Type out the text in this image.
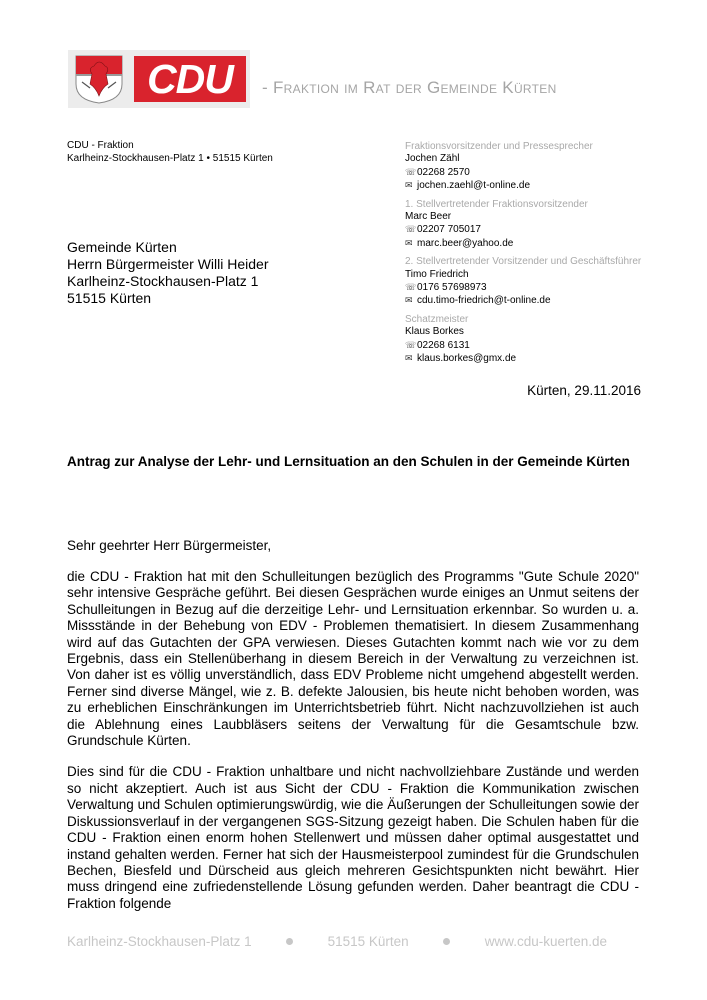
CDU	- Fraktion im Rat der Gemeinde Kürten
CDU - Fraktion
Karlheinz-Stockhausen-Platz 1 • 51515 Kürten
Fraktionsvorsitzender und Pressesprecher
Jochen Zähl
☏02268 2570
✉ jochen.zaehl@t-online.de
1. Stellvertretender Fraktionsvorsitzender
Marc Beer
☏02207 705017
✉ marc.beer@yahoo.de
2. Stellvertretender Vorsitzender und Geschäftsführer
Timo Friedrich
☏0176 57698973
✉ cdu.timo-friedrich@t-online.de
Schatzmeister
Klaus Borkes
☏02268 6131
✉ klaus.borkes@gmx.de
Gemeinde Kürten
Herrn Bürgermeister Willi Heider
Karlheinz-Stockhausen-Platz 1
51515 Kürten
Kürten, 29.11.2016
Antrag zur Analyse der Lehr- und Lernsituation an den Schulen in der Gemeinde Kürten
Sehr geehrter Herr Bürgermeister,

die CDU - Fraktion hat mit den Schulleitungen bezüglich des Programms "Gute Schule 2020" sehr intensive Gespräche geführt. Bei diesen Gesprächen wurde einiges an Unmut seitens der Schulleitungen in Bezug auf die derzeitige Lehr- und Lernsituation erkennbar. So wurden u. a. Missstände in der Behebung von EDV - Problemen thematisiert. In diesem Zusammenhang wird auf das Gutachten der GPA verwiesen. Dieses Gutachten kommt nach wie vor zu dem Ergebnis, dass ein Stellenüberhang in diesem Bereich in der Verwaltung zu verzeichnen ist. Von daher ist es völlig unverständlich, dass EDV Probleme nicht umgehend abgestellt werden. Ferner sind diverse Mängel, wie z. B. defekte Jalousien, bis heute nicht behoben worden, was zu erheblichen Einschränkungen im Unterrichtsbetrieb führt. Nicht nachzuvollziehen ist auch die Ablehnung eines Laubbläsers seitens der Verwaltung für die Gesamtschule bzw. Grundschule Kürten.

Dies sind für die CDU - Fraktion unhaltbare und nicht nachvollziehbare Zustände und werden so nicht akzeptiert. Auch ist aus Sicht der CDU - Fraktion die Kommunikation zwischen Verwaltung und Schulen optimierungswürdig, wie die Äußerungen der Schulleitungen sowie der Diskussionsverlauf in der vergangenen SGS-Sitzung gezeigt haben. Die Schulen haben für die CDU - Fraktion einen enorm hohen Stellenwert und müssen daher optimal ausgestattet und instand gehalten werden. Ferner hat sich der Hausmeisterpool zumindest für die Grundschulen Bechen, Biesfeld und Dürscheid aus gleich mehreren Gesichtspunkten nicht bewährt. Hier muss dringend eine zufriedenstellende Lösung gefunden werden. Daher beantragt die CDU - Fraktion folgende

Karlheinz-Stockhausen-Platz 1	51515 Kürten	www.cdu-kuerten.de
